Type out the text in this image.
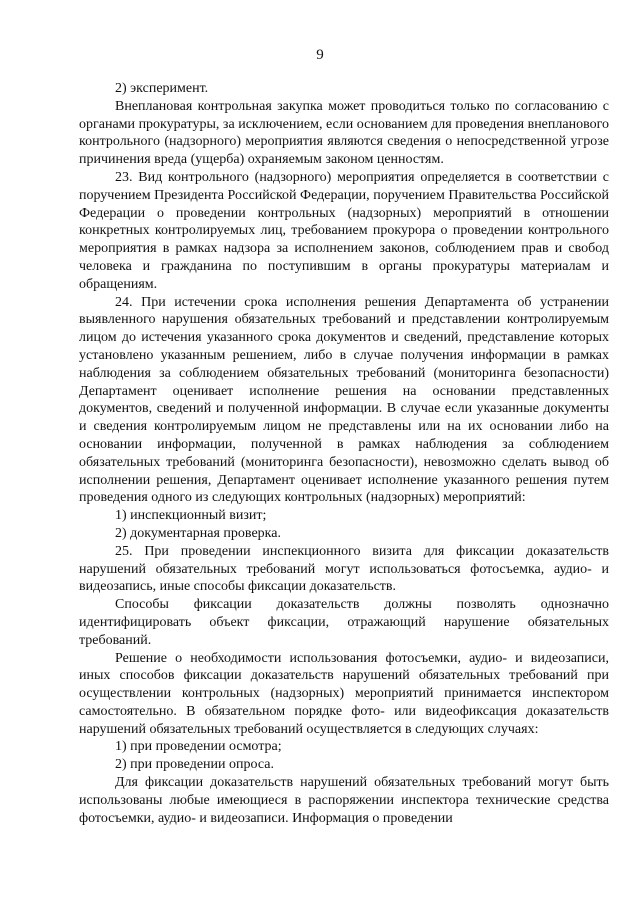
9

2) эксперимент.

Внеплановая контрольная закупка может проводиться только по согласованию с органами прокуратуры, за исключением, если основанием для проведения внепланового контрольного (надзорного) мероприятия являются сведения о непосредственной угрозе причинения вреда (ущерба) охраняемым законом ценностям.

23. Вид контрольного (надзорного) мероприятия определяется в соответствии с поручением Президента Российской Федерации, поручением Правительства Российской Федерации о проведении контрольных (надзорных) мероприятий в отношении конкретных контролируемых лиц, требованием прокурора о проведении контрольного мероприятия в рамках надзора за исполнением законов, соблюдением прав и свобод человека и гражданина по поступившим в органы прокуратуры материалам и обращениям.

24. При истечении срока исполнения решения Департамента об устранении выявленного нарушения обязательных требований и представлении контролируемым лицом до истечения указанного срока документов и сведений, представление которых установлено указанным решением, либо в случае получения информации в рамках наблюдения за соблюдением обязательных требований (мониторинга безопасности) Департамент оценивает исполнение решения на основании представленных документов, сведений и полученной информации. В случае если указанные документы и сведения контролируемым лицом не представлены или на их основании либо на основании информации, полученной в рамках наблюдения за соблюдением обязательных требований (мониторинга безопасности), невозможно сделать вывод об исполнении решения, Департамент оценивает исполнение указанного решения путем проведения одного из следующих контрольных (надзорных) мероприятий:

1) инспекционный визит;

2) документарная проверка.

25. При проведении инспекционного визита для фиксации доказательств нарушений обязательных требований могут использоваться фотосъемка, аудио- и видеозапись, иные способы фиксации доказательств.

Способы фиксации доказательств должны позволять однозначно идентифицировать объект фиксации, отражающий нарушение обязательных требований.

Решение о необходимости использования фотосъемки, аудио- и видеозаписи, иных способов фиксации доказательств нарушений обязательных требований при осуществлении контрольных (надзорных) мероприятий принимается инспектором самостоятельно. В обязательном порядке фото- или видеофиксация доказательств нарушений обязательных требований осуществляется в следующих случаях:

1) при проведении осмотра;

2) при проведении опроса.

Для фиксации доказательств нарушений обязательных требований могут быть использованы любые имеющиеся в распоряжении инспектора технические средства фотосъемки, аудио- и видеозаписи. Информация о проведении
